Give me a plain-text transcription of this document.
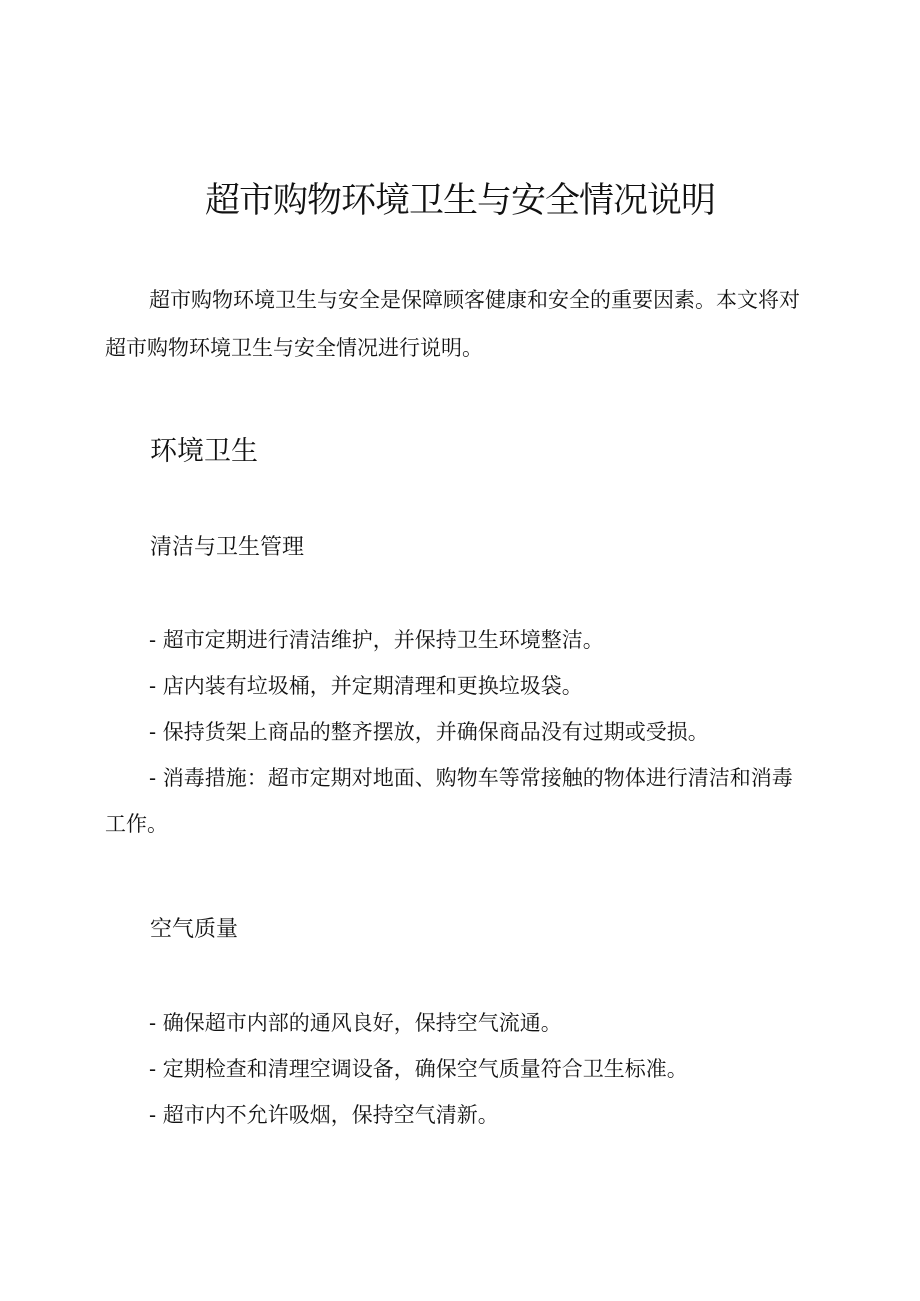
超市购物环境卫生与安全情况说明

超市购物环境卫生与安全是保障顾客健康和安全的重要因素。本文将对超市购物环境卫生与安全情况进行说明。

环境卫生
清洁与卫生管理
- 超市定期进行清洁维护，并保持卫生环境整洁。
- 店内装有垃圾桶，并定期清理和更换垃圾袋。
- 保持货架上商品的整齐摆放，并确保商品没有过期或受损。
- 消毒措施：超市定期对地面、购物车等常接触的物体进行清洁和消毒工作。
空气质量
- 确保超市内部的通风良好，保持空气流通。
- 定期检查和清理空调设备，确保空气质量符合卫生标准。
- 超市内不允许吸烟，保持空气清新。
